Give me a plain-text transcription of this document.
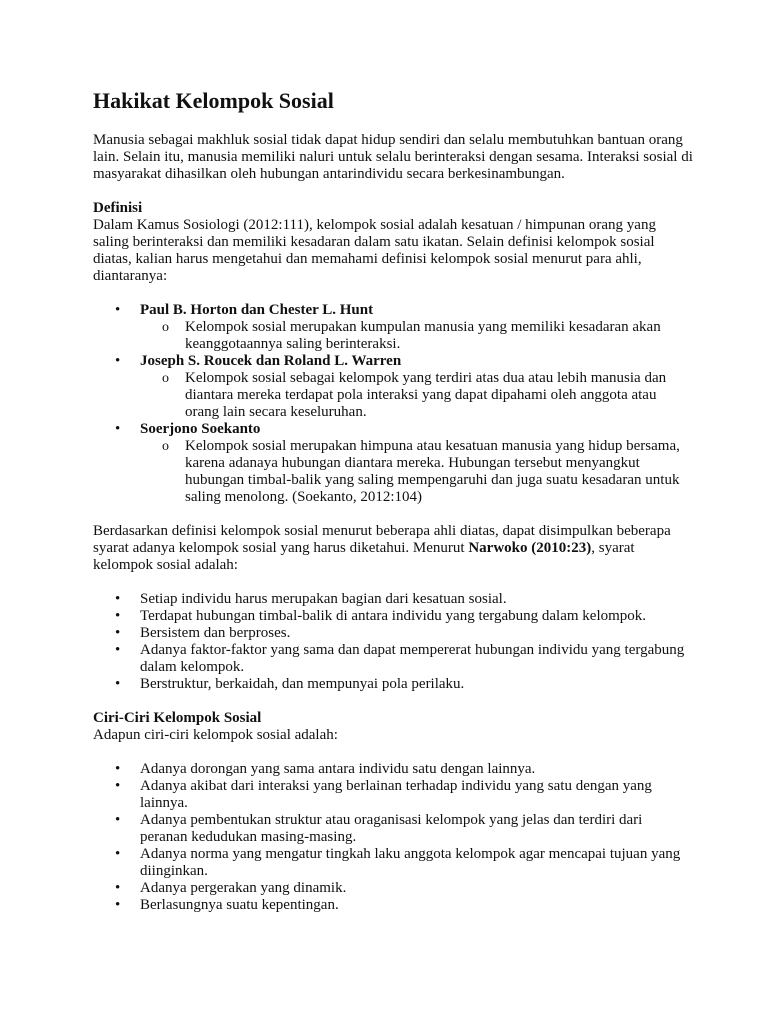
Hakikat Kelompok Sosial

Manusia sebagai makhluk sosial tidak dapat hidup sendiri dan selalu membutuhkan bantuan orang lain. Selain itu, manusia memiliki naluri untuk selalu berinteraksi dengan sesama. Interaksi sosial di masyarakat dihasilkan oleh hubungan antarindividu secara berkesinambungan.

Definisi

Dalam Kamus Sosiologi (2012:111), kelompok sosial adalah kesatuan / himpunan orang yang saling berinteraksi dan memiliki kesadaran dalam satu ikatan. Selain definisi kelompok sosial diatas, kalian harus mengetahui dan memahami definisi kelompok sosial menurut para ahli, diantaranya:

• Paul B. Horton dan Chester L. Hunt
o Kelompok sosial merupakan kumpulan manusia yang memiliki kesadaran akan keanggotaannya saling berinteraksi.
• Joseph S. Roucek dan Roland L. Warren
o Kelompok sosial sebagai kelompok yang terdiri atas dua atau lebih manusia dan diantara mereka terdapat pola interaksi yang dapat dipahami oleh anggota atau orang lain secara keseluruhan.
• Soerjono Soekanto
o Kelompok sosial merupakan himpuna atau kesatuan manusia yang hidup bersama, karena adanaya hubungan diantara mereka. Hubungan tersebut menyangkut hubungan timbal-balik yang saling mempengaruhi dan juga suatu kesadaran untuk saling menolong. (Soekanto, 2012:104)

Berdasarkan definisi kelompok sosial menurut beberapa ahli diatas, dapat disimpulkan beberapa syarat adanya kelompok sosial yang harus diketahui. Menurut Narwoko (2010:23), syarat kelompok sosial adalah:

• Setiap individu harus merupakan bagian dari kesatuan sosial.
• Terdapat hubungan timbal-balik di antara individu yang tergabung dalam kelompok.
• Bersistem dan berproses.
• Adanya faktor-faktor yang sama dan dapat mempererat hubungan individu yang tergabung dalam kelompok.
• Berstruktur, berkaidah, dan mempunyai pola perilaku.

Ciri-Ciri Kelompok Sosial

Adapun ciri-ciri kelompok sosial adalah:

• Adanya dorongan yang sama antara individu satu dengan lainnya.
• Adanya akibat dari interaksi yang berlainan terhadap individu yang satu dengan yang lainnya.
• Adanya pembentukan struktur atau oraganisasi kelompok yang jelas dan terdiri dari peranan kedudukan masing-masing.
• Adanya norma yang mengatur tingkah laku anggota kelompok agar mencapai tujuan yang diinginkan.
• Adanya pergerakan yang dinamik.
• Berlasungnya suatu kepentingan.
